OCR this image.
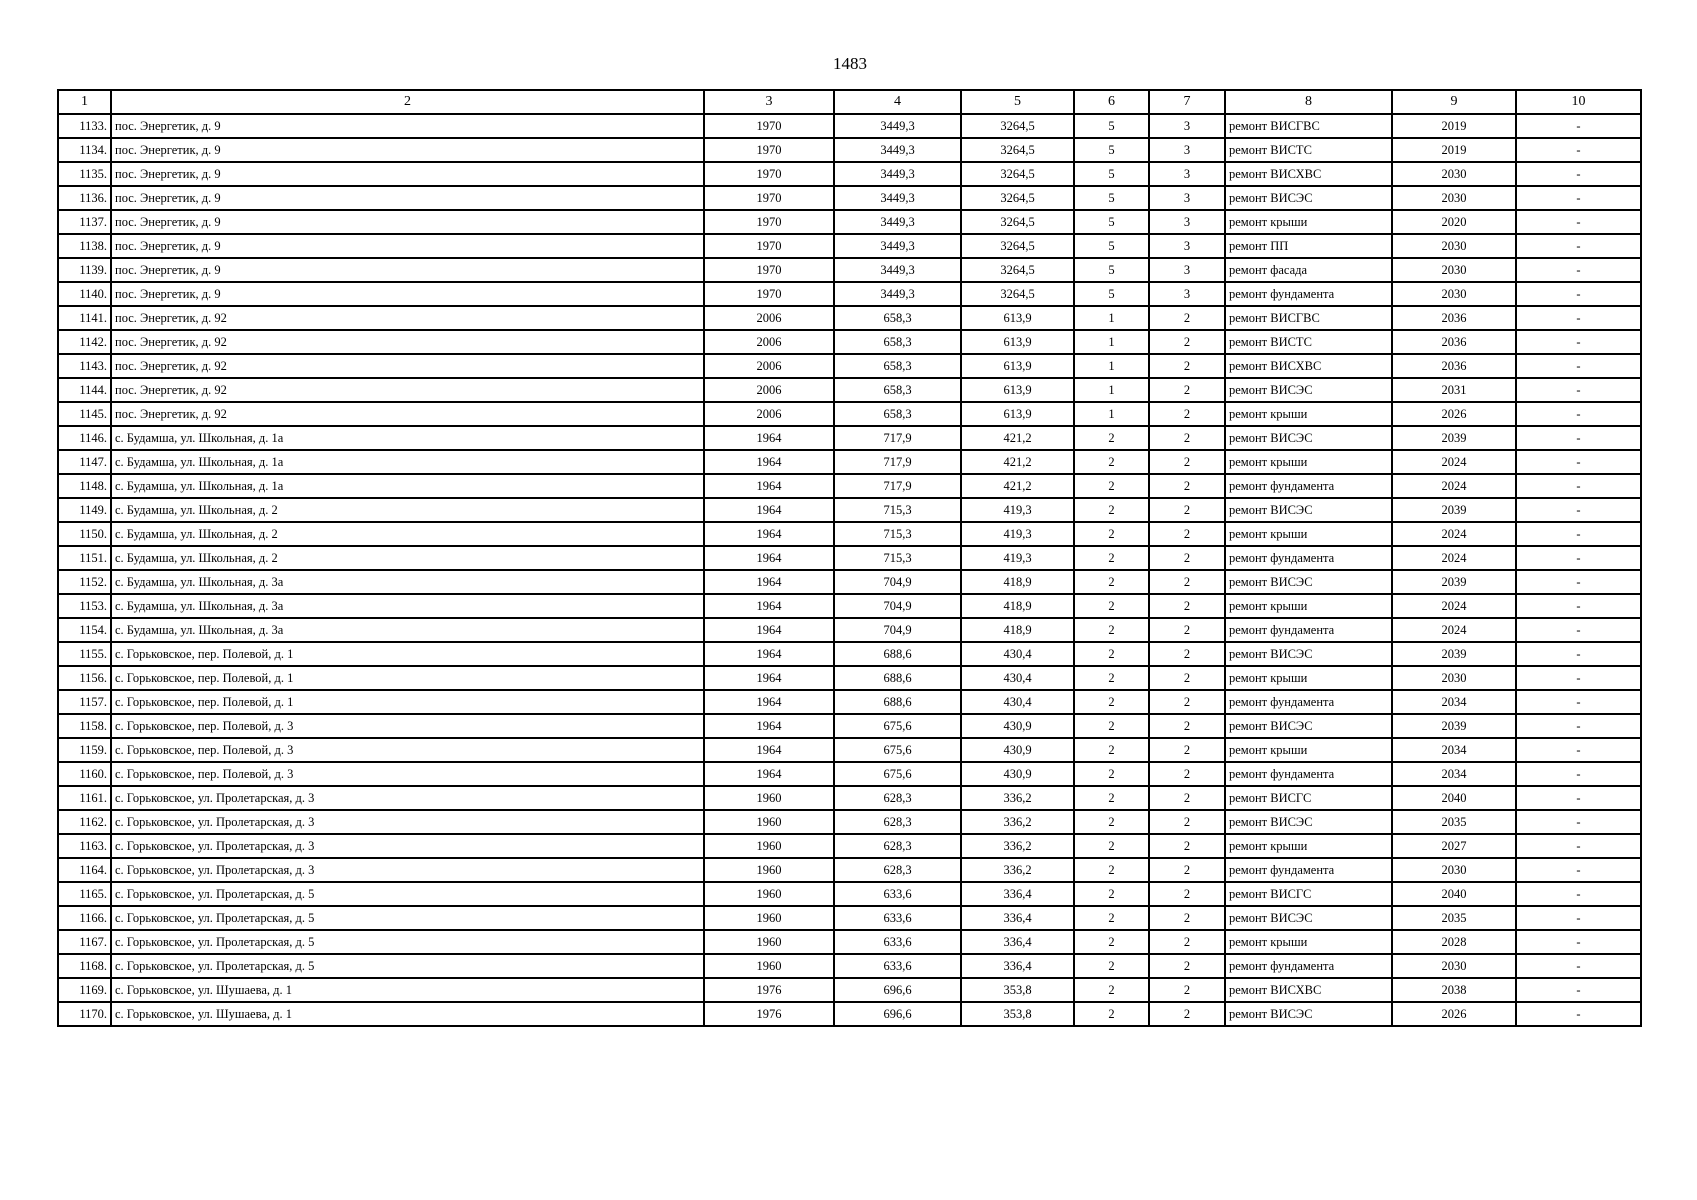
1483
1	2	3	4	5	6	7	8	9	10
1133.	пос. Энергетик, д. 9	1970	3449,3	3264,5	5	3	ремонт ВИСГВС	2019	-
1134.	пос. Энергетик, д. 9	1970	3449,3	3264,5	5	3	ремонт ВИСТС	2019	-
1135.	пос. Энергетик, д. 9	1970	3449,3	3264,5	5	3	ремонт ВИСХВС	2030	-
1136.	пос. Энергетик, д. 9	1970	3449,3	3264,5	5	3	ремонт ВИСЭС	2030	-
1137.	пос. Энергетик, д. 9	1970	3449,3	3264,5	5	3	ремонт крыши	2020	-
1138.	пос. Энергетик, д. 9	1970	3449,3	3264,5	5	3	ремонт ПП	2030	-
1139.	пос. Энергетик, д. 9	1970	3449,3	3264,5	5	3	ремонт фасада	2030	-
1140.	пос. Энергетик, д. 9	1970	3449,3	3264,5	5	3	ремонт фундамента	2030	-
1141.	пос. Энергетик, д. 92	2006	658,3	613,9	1	2	ремонт ВИСГВС	2036	-
1142.	пос. Энергетик, д. 92	2006	658,3	613,9	1	2	ремонт ВИСТС	2036	-
1143.	пос. Энергетик, д. 92	2006	658,3	613,9	1	2	ремонт ВИСХВС	2036	-
1144.	пос. Энергетик, д. 92	2006	658,3	613,9	1	2	ремонт ВИСЭС	2031	-
1145.	пос. Энергетик, д. 92	2006	658,3	613,9	1	2	ремонт крыши	2026	-
1146.	с. Будамша, ул. Школьная, д. 1а	1964	717,9	421,2	2	2	ремонт ВИСЭС	2039	-
1147.	с. Будамша, ул. Школьная, д. 1а	1964	717,9	421,2	2	2	ремонт крыши	2024	-
1148.	с. Будамша, ул. Школьная, д. 1а	1964	717,9	421,2	2	2	ремонт фундамента	2024	-
1149.	с. Будамша, ул. Школьная, д. 2	1964	715,3	419,3	2	2	ремонт ВИСЭС	2039	-
1150.	с. Будамша, ул. Школьная, д. 2	1964	715,3	419,3	2	2	ремонт крыши	2024	-
1151.	с. Будамша, ул. Школьная, д. 2	1964	715,3	419,3	2	2	ремонт фундамента	2024	-
1152.	с. Будамша, ул. Школьная, д. 3а	1964	704,9	418,9	2	2	ремонт ВИСЭС	2039	-
1153.	с. Будамша, ул. Школьная, д. 3а	1964	704,9	418,9	2	2	ремонт крыши	2024	-
1154.	с. Будамша, ул. Школьная, д. 3а	1964	704,9	418,9	2	2	ремонт фундамента	2024	-
1155.	с. Горьковское, пер. Полевой, д. 1	1964	688,6	430,4	2	2	ремонт ВИСЭС	2039	-
1156.	с. Горьковское, пер. Полевой, д. 1	1964	688,6	430,4	2	2	ремонт крыши	2030	-
1157.	с. Горьковское, пер. Полевой, д. 1	1964	688,6	430,4	2	2	ремонт фундамента	2034	-
1158.	с. Горьковское, пер. Полевой, д. 3	1964	675,6	430,9	2	2	ремонт ВИСЭС	2039	-
1159.	с. Горьковское, пер. Полевой, д. 3	1964	675,6	430,9	2	2	ремонт крыши	2034	-
1160.	с. Горьковское, пер. Полевой, д. 3	1964	675,6	430,9	2	2	ремонт фундамента	2034	-
1161.	с. Горьковское, ул. Пролетарская, д. 3	1960	628,3	336,2	2	2	ремонт ВИСГС	2040	-
1162.	с. Горьковское, ул. Пролетарская, д. 3	1960	628,3	336,2	2	2	ремонт ВИСЭС	2035	-
1163.	с. Горьковское, ул. Пролетарская, д. 3	1960	628,3	336,2	2	2	ремонт крыши	2027	-
1164.	с. Горьковское, ул. Пролетарская, д. 3	1960	628,3	336,2	2	2	ремонт фундамента	2030	-
1165.	с. Горьковское, ул. Пролетарская, д. 5	1960	633,6	336,4	2	2	ремонт ВИСГС	2040	-
1166.	с. Горьковское, ул. Пролетарская, д. 5	1960	633,6	336,4	2	2	ремонт ВИСЭС	2035	-
1167.	с. Горьковское, ул. Пролетарская, д. 5	1960	633,6	336,4	2	2	ремонт крыши	2028	-
1168.	с. Горьковское, ул. Пролетарская, д. 5	1960	633,6	336,4	2	2	ремонт фундамента	2030	-
1169.	с. Горьковское, ул. Шушаева, д. 1	1976	696,6	353,8	2	2	ремонт ВИСХВС	2038	-
1170.	с. Горьковское, ул. Шушаева, д. 1	1976	696,6	353,8	2	2	ремонт ВИСЭС	2026	-
